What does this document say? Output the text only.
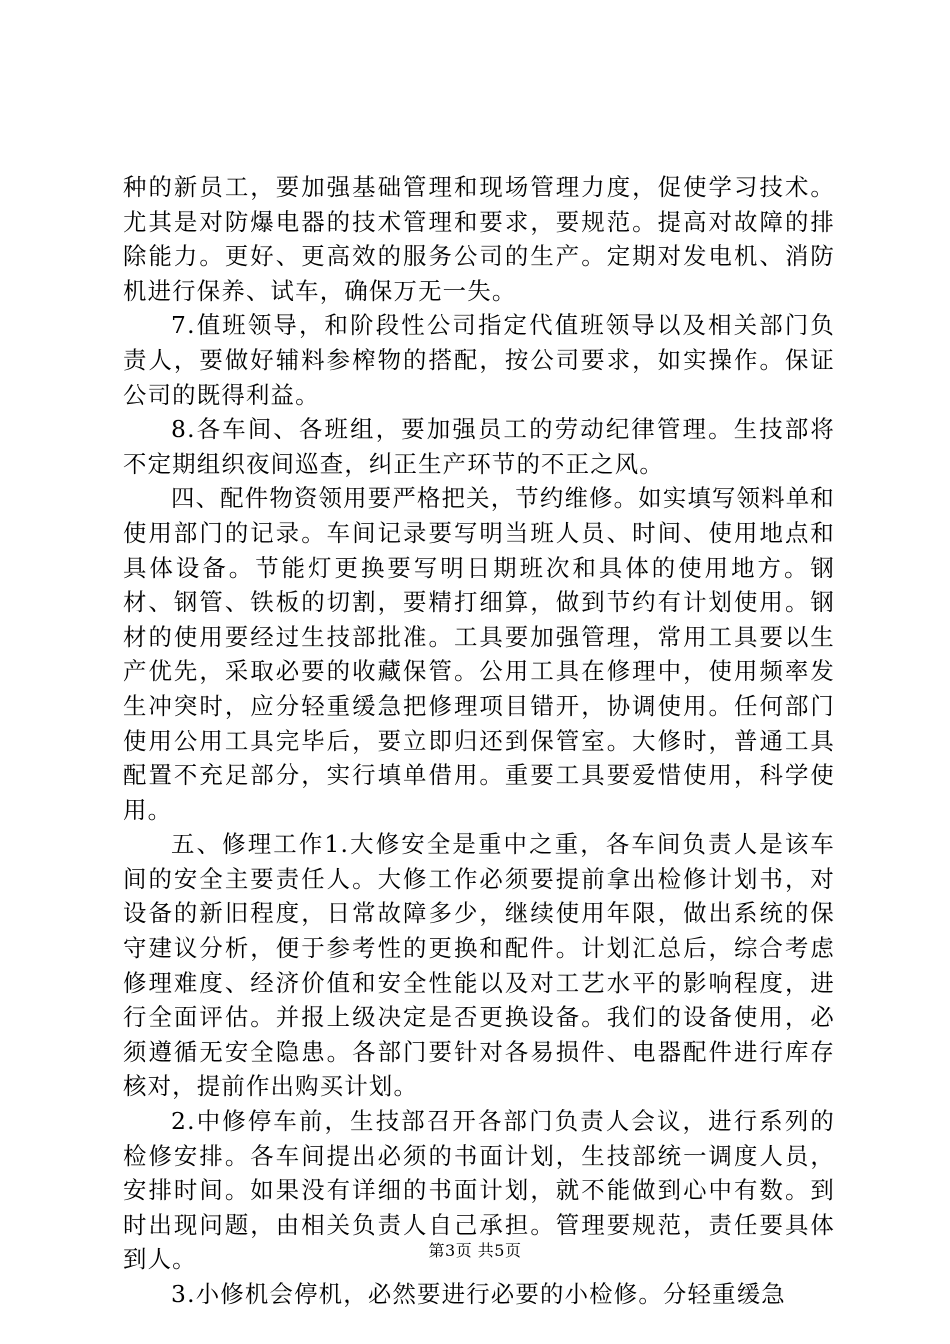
种的新员工，要加强基础管理和现场管理力度，促使学习技术。尤其是对防爆电器的技术管理和要求，要规范。提高对故障的排除能力。更好、更高效的服务公司的生产。定期对发电机、消防机进行保养、试车，确保万无一失。

7.值班领导，和阶段性公司指定代值班领导以及相关部门负责人，要做好辅料参榨物的搭配，按公司要求，如实操作。保证公司的既得利益。

8.各车间、各班组，要加强员工的劳动纪律管理。生技部将不定期组织夜间巡查，纠正生产环节的不正之风。

四、配件物资领用要严格把关，节约维修。如实填写领料单和使用部门的记录。车间记录要写明当班人员、时间、使用地点和具体设备。节能灯更换要写明日期班次和具体的使用地方。钢材、钢管、铁板的切割，要精打细算，做到节约有计划使用。钢材的使用要经过生技部批准。工具要加强管理，常用工具要以生产优先，采取必要的收藏保管。公用工具在修理中，使用频率发生冲突时，应分轻重缓急把修理项目错开，协调使用。任何部门使用公用工具完毕后，要立即归还到保管室。大修时，普通工具配置不充足部分，实行填单借用。重要工具要爱惜使用，科学使用。

五、修理工作1.大修安全是重中之重，各车间负责人是该车间的安全主要责任人。大修工作必须要提前拿出检修计划书，对设备的新旧程度，日常故障多少，继续使用年限，做出系统的保守建议分析，便于参考性的更换和配件。计划汇总后，综合考虑修理难度、经济价值和安全性能以及对工艺水平的影响程度，进行全面评估。并报上级决定是否更换设备。我们的设备使用，必须遵循无安全隐患。各部门要针对各易损件、电器配件进行库存核对，提前作出购买计划。

2.中修停车前，生技部召开各部门负责人会议，进行系列的检修安排。各车间提出必须的书面计划，生技部统一调度人员，安排时间。如果没有详细的书面计划，就不能做到心中有数。到时出现问题，由相关负责人自己承担。管理要规范，责任要具体到人。

3.小修机会停机，必然要进行必要的小检修。分轻重缓急

第3页 共5页
